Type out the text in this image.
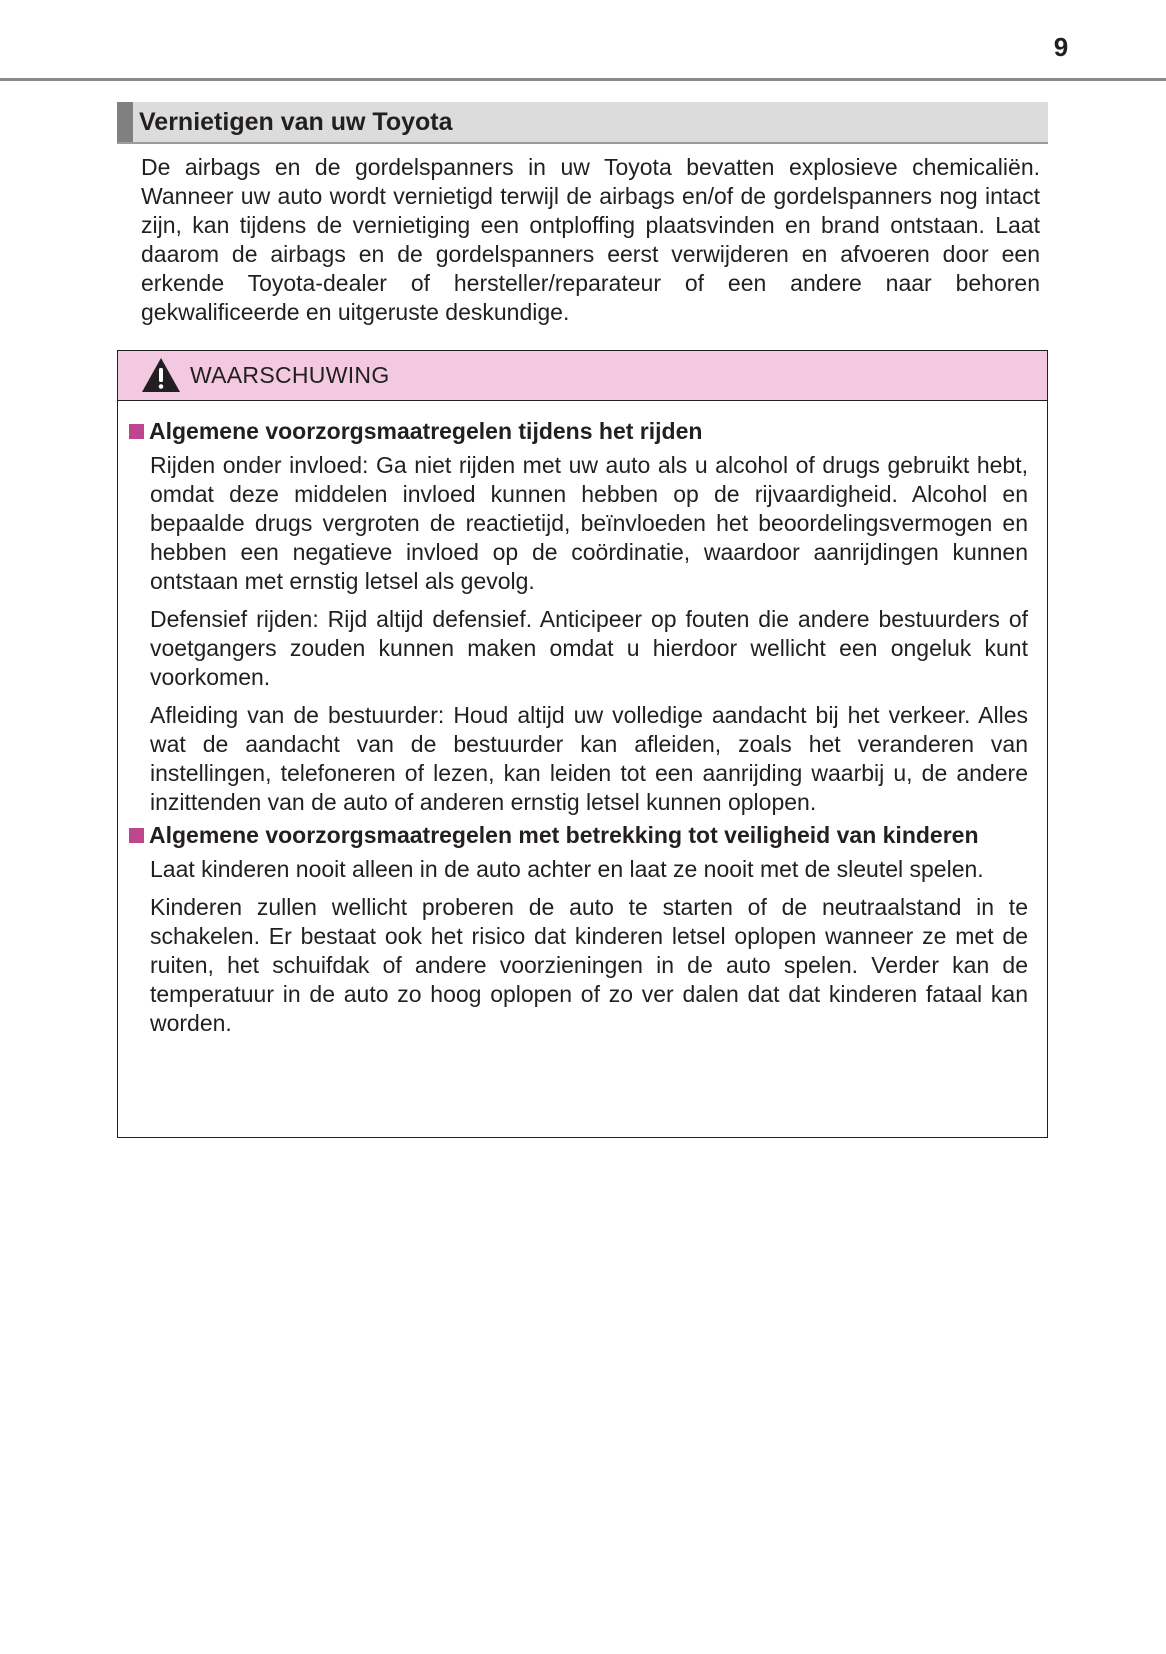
9
Vernietigen van uw Toyota

De airbags en de gordelspanners in uw Toyota bevatten explosieve chemicaliën. Wanneer uw auto wordt vernietigd terwijl de airbags en/of de gordelspanners nog intact zijn, kan tijdens de vernietiging een ontploffing plaatsvinden en brand ontstaan. Laat daarom de airbags en de gordelspanners eerst verwijderen en afvoeren door een erkende Toyota-dealer of hersteller/reparateur of een andere naar behoren gekwalificeerde en uitgeruste deskundige.

WAARSCHUWING
Algemene voorzorgsmaatregelen tijdens het rijden

Rijden onder invloed: Ga niet rijden met uw auto als u alcohol of drugs gebruikt hebt, omdat deze middelen invloed kunnen hebben op de rijvaardigheid. Alcohol en bepaalde drugs vergroten de reactietijd, beïnvloeden het beoordelingsvermogen en hebben een negatieve invloed op de coördinatie, waardoor aanrijdingen kunnen ontstaan met ernstig letsel als gevolg.

Defensief rijden: Rijd altijd defensief. Anticipeer op fouten die andere bestuurders of voetgangers zouden kunnen maken omdat u hierdoor wellicht een ongeluk kunt voorkomen.

Afleiding van de bestuurder: Houd altijd uw volledige aandacht bij het verkeer. Alles wat de aandacht van de bestuurder kan afleiden, zoals het veranderen van instellingen, telefoneren of lezen, kan leiden tot een aanrijding waarbij u, de andere inzittenden van de auto of anderen ernstig letsel kunnen oplopen.

Algemene voorzorgsmaatregelen met betrekking tot veiligheid van kinderen

Laat kinderen nooit alleen in de auto achter en laat ze nooit met de sleutel spelen.

Kinderen zullen wellicht proberen de auto te starten of de neutraalstand in te schakelen. Er bestaat ook het risico dat kinderen letsel oplopen wanneer ze met de ruiten, het schuifdak of andere voorzieningen in de auto spelen. Verder kan de temperatuur in de auto zo hoog oplopen of zo ver dalen dat dat kinderen fataal kan worden.
